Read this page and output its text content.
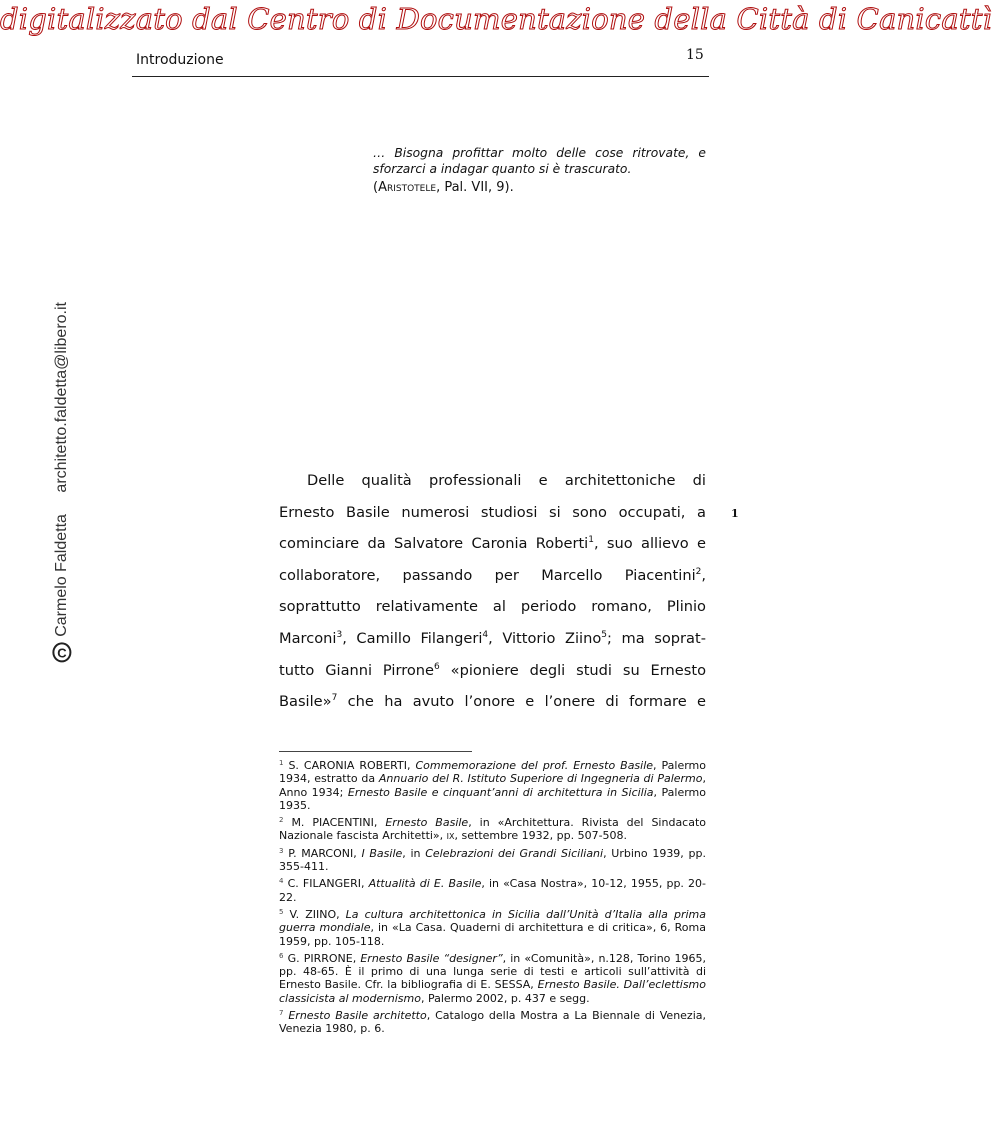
digitalizzato dal Centro di Documentazione della Città di Canicattì
Introduzione	15
… Bisogna profittar molto delle cose ritrovate, e sforzarci a indagar quanto si è trascurato.
(Aristotele, Pal. VII, 9).
C
Carmelo Faldetta
architetto.faldetta@libero.it	Delle qualità professionali e architettoniche di
Ernesto Basile numerosi studiosi si sono occupati, a
cominciare da Salvatore Caronia Roberti$^1$, suo allievo e
collaboratore, passando per Marcello Piacentini$^2$,
soprattutto relativamente al periodo romano, Plinio
Marconi$^3$, Camillo Filangeri$^4$, Vittorio Ziino$^5$; ma soprat-
tutto Gianni Pirrone$^6$ «pioniere degli studi su Ernesto
Basile»$^7$ che ha avuto l’onore e l’onere di formare e
1
$^1$ S. CARONIA ROBERTI, Commemorazione del prof. Ernesto Basile, Palermo 1934, estratto da Annuario del R. Istituto Superiore di Ingegneria di Palermo, Anno 1934; Ernesto Basile e cinquant’anni di architettura in Sicilia, Palermo 1935.
$^2$ M. PIACENTINI, Ernesto Basile, in «Architettura. Rivista del Sindacato Nazionale fascista Architetti», ix, settembre 1932, pp. 507-508.
$^3$ P. MARCONI, I Basile, in Celebrazioni dei Grandi Siciliani, Urbino 1939, pp. 355-411.
$^4$ C. FILANGERI, Attualità di E. Basile, in «Casa Nostra», 10-12, 1955, pp. 20-22.
$^5$ V. ZIINO, La cultura architettonica in Sicilia dall’Unità d’Italia alla prima guerra mondiale, in «La Casa. Quaderni di architettura e di critica», 6, Roma 1959, pp. 105-118.
$^6$ G. PIRRONE, Ernesto Basile “designer”, in «Comunità», n.128, Torino 1965, pp. 48-65. È il primo di una lunga serie di testi e articoli sull’attività di Ernesto Basile. Cfr. la bibliografia di E. SESSA, Ernesto Basile. Dall’eclettismo classicista al modernismo, Palermo 2002, p. 437 e segg.
$^7$ Ernesto Basile architetto, Catalogo della Mostra a La Biennale di Venezia, Venezia 1980, p. 6.
